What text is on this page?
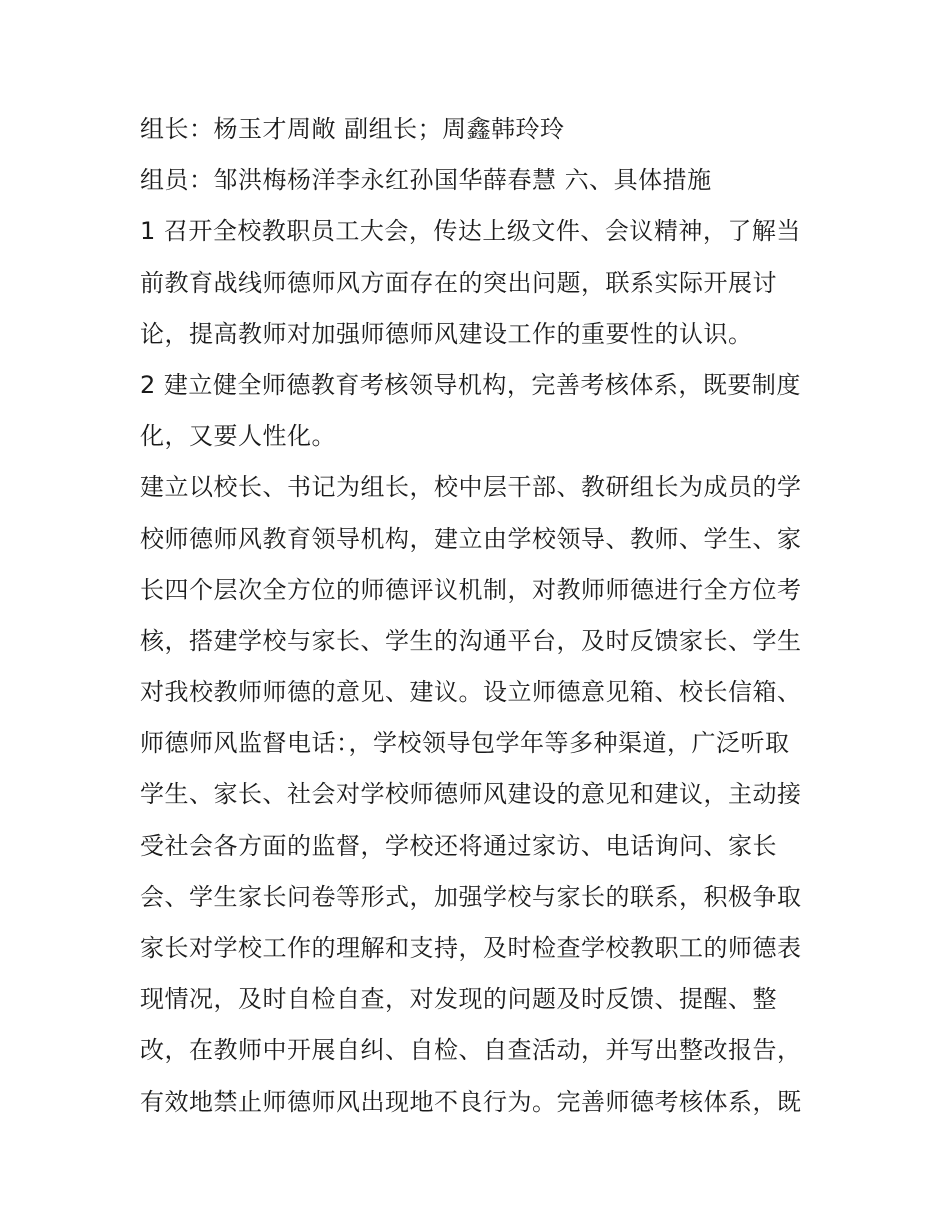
组长：杨玉才周敞 副组长；周鑫韩玲玲
组员：邹洪梅杨洋李永红孙国华薛春慧 六、具体措施
1 召开全校教职员工大会，传达上级文件、会议精神，了解当
前教育战线师德师风方面存在的突出问题，联系实际开展讨
论，提高教师对加强师德师风建设工作的重要性的认识。
2 建立健全师德教育考核领导机构，完善考核体系，既要制度
化，又要人性化。
建立以校长、书记为组长，校中层干部、教研组长为成员的学
校师德师风教育领导机构，建立由学校领导、教师、学生、家
长四个层次全方位的师德评议机制，对教师师德进行全方位考
核，搭建学校与家长、学生的沟通平台，及时反馈家长、学生
对我校教师师德的意见、建议。设立师德意见箱、校长信箱、
师德师风监督电话：，学校领导包学年等多种渠道，广泛听取
学生、家长、社会对学校师德师风建设的意见和建议，主动接
受社会各方面的监督，学校还将通过家访、电话询问、家长
会、学生家长问卷等形式，加强学校与家长的联系，积极争取
家长对学校工作的理解和支持，及时检查学校教职工的师德表
现情况，及时自检自查，对发现的问题及时反馈、提醒、整
改，在教师中开展自纠、自检、自查活动，并写出整改报告，
有效地禁止师德师风出现地不良行为。完善师德考核体系，既
